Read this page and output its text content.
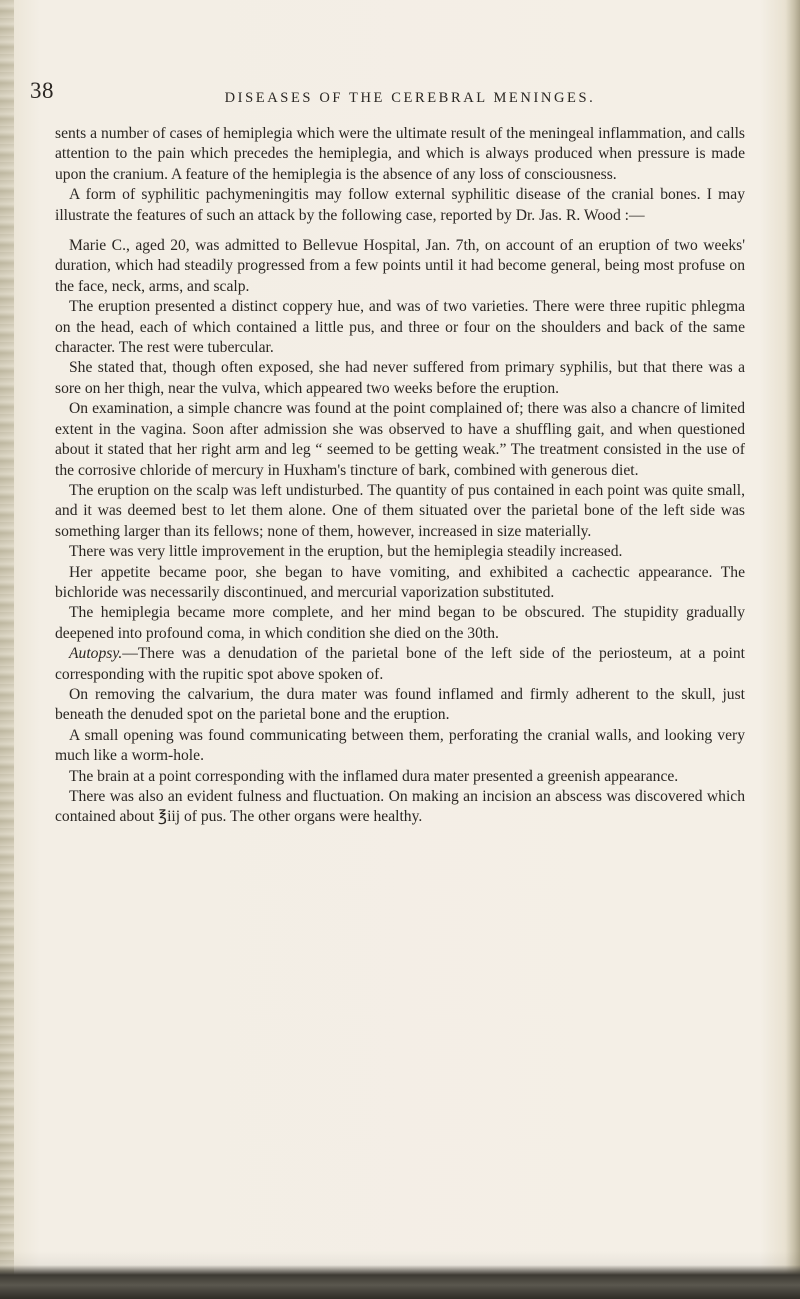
38	DISEASES OF THE CEREBRAL MENINGES.

sents a number of cases of hemiplegia which were the ultimate result of the meningeal inflammation, and calls attention to the pain which precedes the hemiplegia, and which is always produced when pressure is made upon the cranium. A feature of the hemiplegia is the absence of any loss of consciousness.

A form of syphilitic pachymeningitis may follow external syphilitic disease of the cranial bones. I may illustrate the features of such an attack by the following case, reported by Dr. Jas. R. Wood :—

Marie C., aged 20, was admitted to Bellevue Hospital, Jan. 7th, on account of an eruption of two weeks' duration, which had steadily progressed from a few points until it had become general, being most profuse on the face, neck, arms, and scalp.

The eruption presented a distinct coppery hue, and was of two varieties. There were three rupitic phlegma on the head, each of which contained a little pus, and three or four on the shoulders and back of the same character. The rest were tubercular.

She stated that, though often exposed, she had never suffered from primary syphilis, but that there was a sore on her thigh, near the vulva, which appeared two weeks before the eruption.

On examination, a simple chancre was found at the point complained of; there was also a chancre of limited extent in the vagina. Soon after admission she was observed to have a shuffling gait, and when questioned about it stated that her right arm and leg “ seemed to be getting weak.” The treatment consisted in the use of the corrosive chloride of mercury in Huxham's tincture of bark, combined with generous diet.

The eruption on the scalp was left undisturbed. The quantity of pus contained in each point was quite small, and it was deemed best to let them alone. One of them situated over the parietal bone of the left side was something larger than its fellows; none of them, however, increased in size materially.

There was very little improvement in the eruption, but the hemiplegia steadily increased.

Her appetite became poor, she began to have vomiting, and exhibited a cachectic appearance. The bichloride was necessarily discontinued, and mercurial vaporization substituted.

The hemiplegia became more complete, and her mind began to be obscured. The stupidity gradually deepened into profound coma, in which condition she died on the 30th.

Autopsy.—There was a denudation of the parietal bone of the left side of the periosteum, at a point corresponding with the rupitic spot above spoken of.

On removing the calvarium, the dura mater was found inflamed and firmly adherent to the skull, just beneath the denuded spot on the parietal bone and the eruption.

A small opening was found communicating between them, perforating the cranial walls, and looking very much like a worm-hole.

The brain at a point corresponding with the inflamed dura mater presented a greenish appearance.

There was also an evident fulness and fluctuation. On making an incision an abscess was discovered which contained about ℥iij of pus. The other organs were healthy.
